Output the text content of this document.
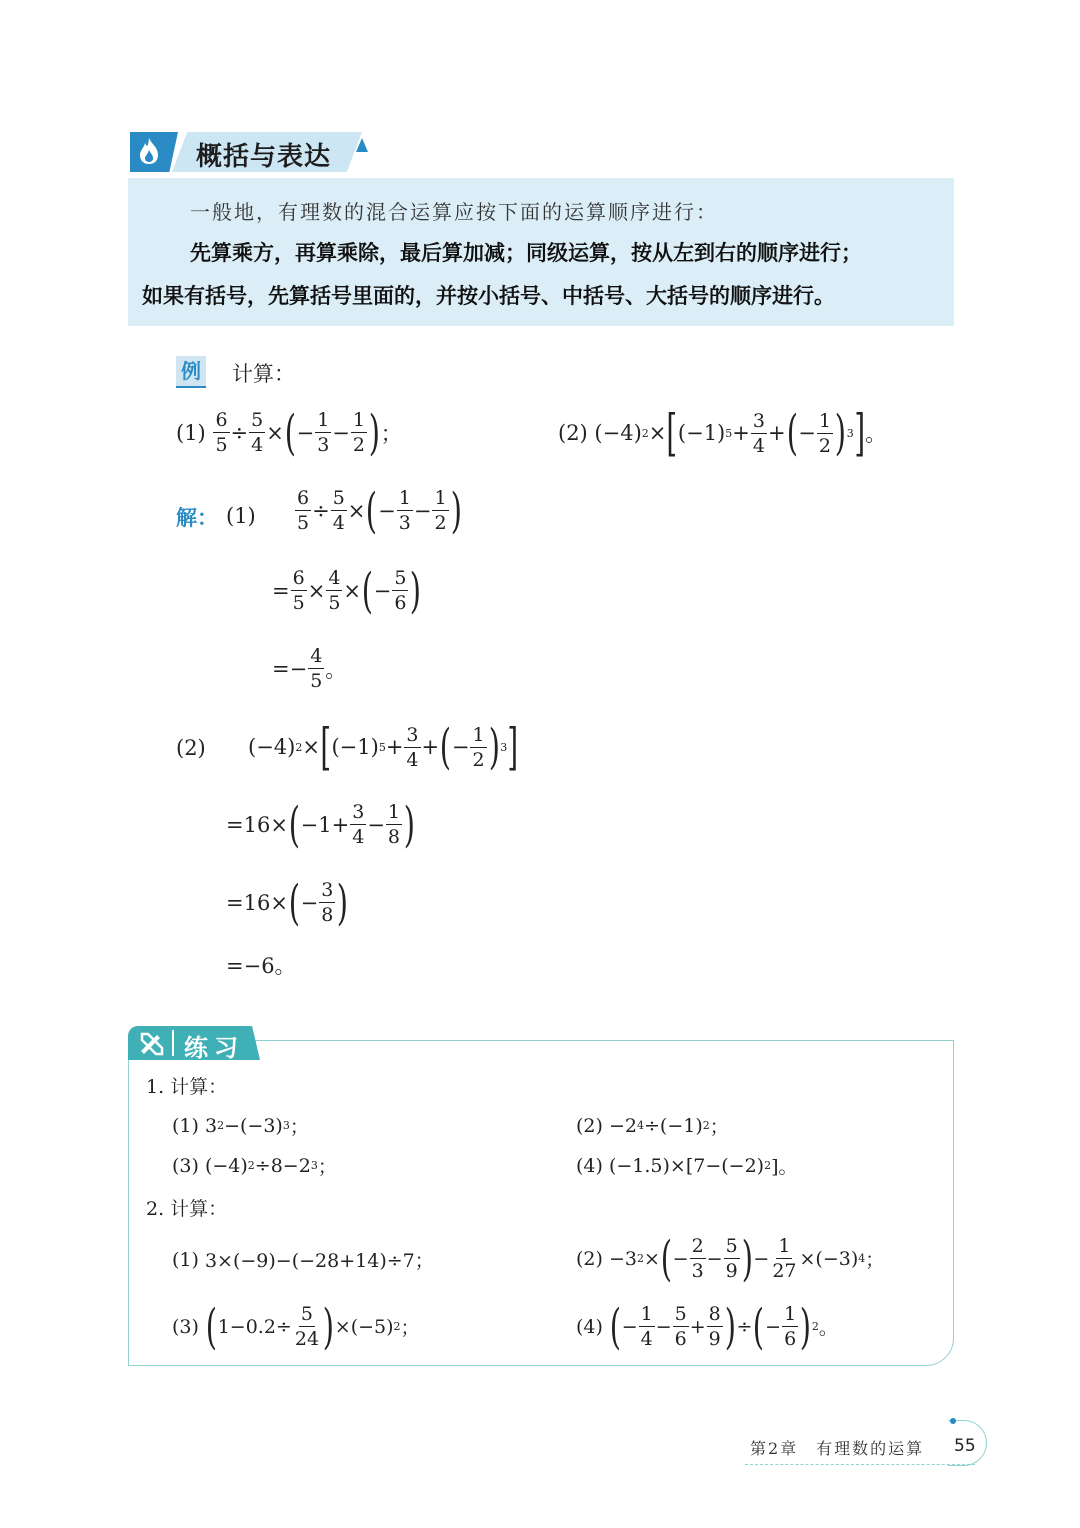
概括与表达
一般地，有理数的混合运算应按下面的运算顺序进行：
先算乘方，再算乘除，最后算加减；同级运算，按从左到右的顺序进行；
如果有括号，先算括号里面的，并按小括号、中括号、大括号的顺序进行。
例 计算：
(1)

6
5
÷
5
4
× ( −
1
3
−
1
2 ) ；	(2) (−4) 2 × [ (−1) 5 +
3
4
+ ( −
1
2 ) 3 ] 。
解： (1)
6
5
÷
5
4
× ( −
1
3
−
1
2 )
=
6
5
×
4
5
× ( −
5
6 )
=− $\frac{4}{5}$ 。
(2) (−4) 2 × [ (−1) 5 +
3
4
+ ( −
1
2 ) 3 ]
=16× ( −1+
3
4
−
1
8 )
=16× ( −
3
8 )
=−6。
练习
1. 计算：
(1) 3 2 −(−3) 3 ；	(2) −2 4 ÷(−1) 2 ；
(3) (−4) 2 ÷8−2 3 ；	(4) (−1.5)×[7−(−2) 2 ]。
2. 计算：
(1) 3×(−9)−(−28+14)÷7；	(2) −3 2 × ( −
2
3
−
5
9 ) −
1
27
×(−3) 4 ；
(3)
( 1−0.2÷
5
24 ) ×(−5) 2 ；	(4)
( −
1
4
−
5
6
+
8
9 ) ÷ ( −
1
6 ) 2 。
第2章　有理数的运算 55
